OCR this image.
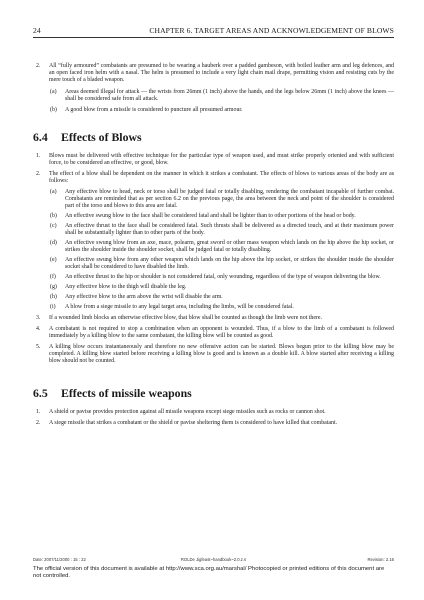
24	CHAPTER 6. TARGET AREAS AND ACKNOWLEDGEMENT OF BLOWS
2. All “fully armoured” combatants are presumed to be wearing a hauberk over a padded gambeson, with boiled leather arm and leg defences, and an open faced iron helm with a nasal. The helm is presumed to include a very light chain mail drape, permitting vision and resisting cuts by the mere touch of a bladed weapon.
(a) Areas deemed illegal for attack — the wrists from 26mm (1 inch) above the hands, and the legs below 26mm (1 inch) above the knees — shall be considered safe from all attack.
(b) A good blow from a missile is considered to puncture all presumed armour.
6.4 Effects of Blows
1. Blows must be delivered with effective technique for the particular type of weapon used, and must strike properly oriented and with sufficient force, to be considered an effective, or good, blow.
2. The effect of a blow shall be dependent on the manner in which it strikes a combatant. The effects of blows to various areas of the body are as follows:
(a) Any effective blow to head, neck or torso shall be judged fatal or totally disabling, rendering the combatant incapable of further combat. Combatants are reminded that as per section 6.2 on the previous page, the area between the neck and point of the shoulder is considered part of the torso and blows to this area are fatal.
(b) An effective swung blow to the face shall be considered fatal and shall be lighter than to other portions of the head or body.
(c) An effective thrust to the face shall be considered fatal. Such thrusts shall be delivered as a directed touch, and at their maximum power shall be substantially lighter than to other parts of the body.
(d) An effective swung blow from an axe, mace, polearm, great sword or other mass weapon which lands on the hip above the hip socket, or strikes the shoulder inside the shoulder socket, shall be judged fatal or totally disabling.
(e) An effective swung blow from any other weapon which lands on the hip above the hip socket, or strikes the shoulder inside the shoulder socket shall be considered to have disabled the limb.
(f) An effective thrust to the hip or shoulder is not considered fatal, only wounding, regardless of the type of weapon delivering the blow.
(g) Any effective blow to the thigh will disable the leg.
(h) Any effective blow to the arm above the wrist will disable the arm.
(i) A blow from a siege missile to any legal target area, including the limbs, will be considered fatal.
3. If a wounded limb blocks an otherwise effective blow, that blow shall be counted as though the limb were not there.
4. A combatant is not required to stop a combination when an opponent is wounded. Thus, if a blow to the limb of a combatant is followed immediately by a killing blow to the same combatant, the killing blow will be counted as good.
5. A killing blow occurs instantaneously and therefore no new offensive action can be started. Blows begun prior to the killing blow may be completed. A killing blow started before receiving a killing blow is good and is known as a double kill. A blow started after receiving a killing blow should not be counted.
6.5 Effects of missile weapons
1. A shield or pavise provides protection against all missile weapons except siege missiles such as rocks or cannon shot.
2. A siege missile that strikes a combatant or the shield or pavise sheltering them is considered to have killed that combatant.
Date: 2007/11/2000 : 15 : 22	ROLDe Jigfeast~handbook~2.0.z.s	Revision: 2.16
The official version of this document is available at http://www.sca.org.au/marshal/ Photocopied or printed editions of this document are not controlled.
